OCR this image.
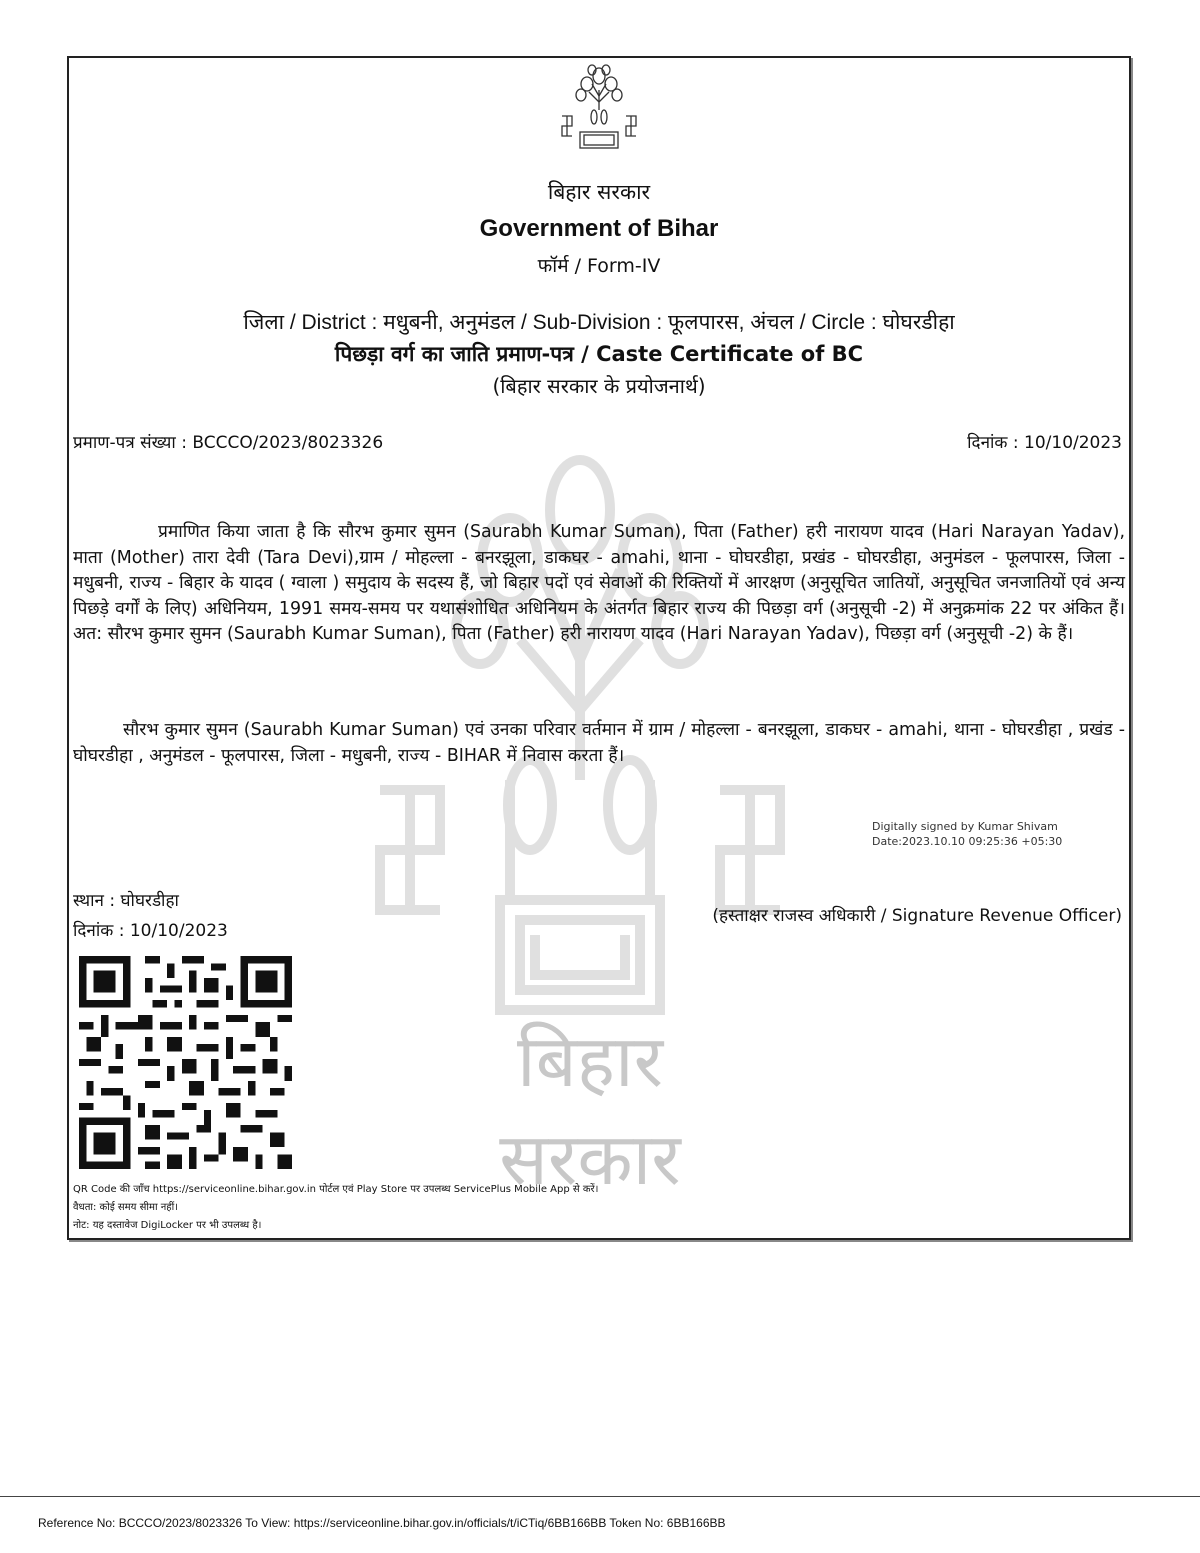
बिहार सरकार
बिहार सरकार
Government of Bihar
फॉर्म / Form-IV
जिला / District : मधुबनी, अनुमंडल / Sub-Division : फूलपारस, अंचल / Circle : घोघरडीहा
पिछड़ा वर्ग का जाति प्रमाण-पत्र / Caste Certificate of BC
(बिहार सरकार के प्रयोजनार्थ)
प्रमाण-पत्र संख्या : BCCCO/2023/8023326	दिनांक : 10/10/2023
प्रमाणित किया जाता है कि सौरभ कुमार सुमन (Saurabh Kumar Suman), पिता (Father) हरी नारायण यादव (Hari Narayan Yadav), माता (Mother) तारा देवी (Tara Devi),ग्राम / मोहल्ला - बनरझूला, डाकघर - amahi, थाना - घोघरडीहा, प्रखंड - घोघरडीहा, अनुमंडल - फूलपारस, जिला - मधुबनी, राज्य - बिहार के यादव ( ग्वाला ) समुदाय के सदस्य हैं, जो बिहार पदों एवं सेवाओं की रिक्तियों में आरक्षण (अनुसूचित जातियों, अनुसूचित जनजातियों एवं अन्य पिछड़े वर्गों के लिए) अधिनियम, 1991 समय-समय पर यथासंशोधित अधिनियम के अंतर्गत बिहार राज्य की पिछड़ा वर्ग (अनुसूची -2) में अनुक्रमांक 22 पर अंकित हैं। अत: सौरभ कुमार सुमन (Saurabh Kumar Suman), पिता (Father) हरी नारायण यादव (Hari Narayan Yadav), पिछड़ा वर्ग (अनुसूची -2) के हैं।
सौरभ कुमार सुमन (Saurabh Kumar Suman) एवं उनका परिवार वर्तमान में ग्राम / मोहल्ला - बनरझूला, डाकघर - amahi, थाना - घोघरडीहा , प्रखंड - घोघरडीहा , अनुमंडल - फूलपारस, जिला - मधुबनी, राज्य - BIHAR में निवास करता हैं।
Digitally signed by Kumar Shivam
Date:2023.10.10 09:25:36 +05:30
स्थान : घोघरडीहा
दिनांक : 10/10/2023
(हस्ताक्षर राजस्व अधिकारी / Signature Revenue Officer)
QR Code की जाँच https://serviceonline.bihar.gov.in पोर्टल एवं Play Store पर उपलब्ध ServicePlus Mobile App से करें।
वैधता: कोई समय सीमा नहीं।
नोट: यह दस्तावेज DigiLocker पर भी उपलब्ध है।
Reference No: BCCCO/2023/8023326 To View: https://serviceonline.bihar.gov.in/officials/t/iCTiq/6BB166BB Token No: 6BB166BB
